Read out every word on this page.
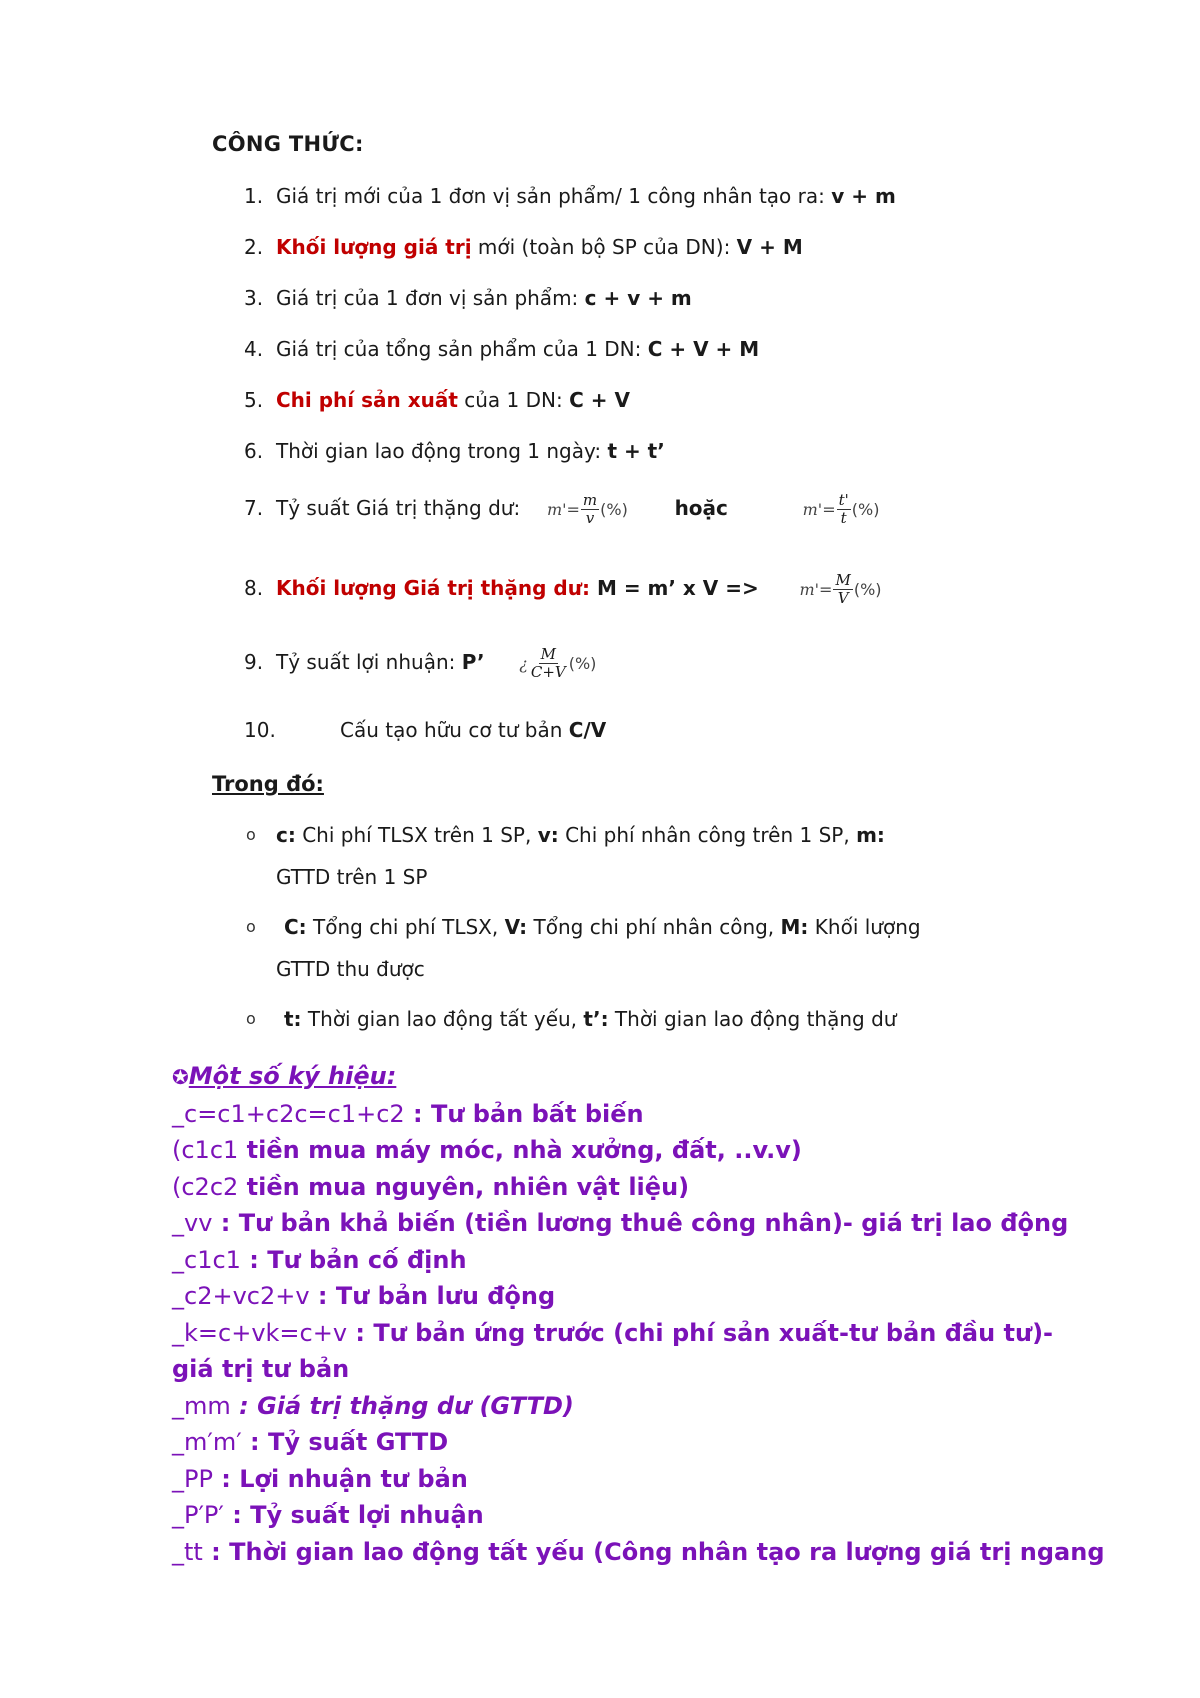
CÔNG THỨC:
1. Giá trị mới của 1 đơn vị sản phẩm/ 1 công nhân tạo ra: v + m
2. Khối lượng giá trị mới (toàn bộ SP của DN): V + M
3. Giá trị của 1 đơn vị sản phẩm: c + v + m
4. Giá trị của tổng sản phẩm của 1 DN: C + V + M
5. Chi phí sản xuất của 1 DN: C + V
6. Thời gian lao động trong 1 ngày: t + t’
7. Tỷ suất Giá trị thặng dư:  $m'= \frac{m}{v}$ (%) hoặc	$m'= \frac{t'}{t}$ (%)
8. Khối lượng Giá trị thặng dư: M = m’ x V =>	$m'= \frac{M}{V}$ (%)
9. Tỷ suất lợi nhuận: P’ ¿ $\frac{M}{C+V}$ (%)
10.	Cấu tạo hữu cơ tư bản C/V
Trong đó:
o c: Chi phí TLSX trên 1 SP, v: Chi phí nhân công trên 1 SP, m:
GTTD trên 1 SP
o C: Tổng chi phí TLSX, V: Tổng chi phí nhân công, M: Khối lượng
GTTD thu được
o t: Thời gian lao động tất yếu, t’: Thời gian lao động thặng dư
✪Một số ký hiệu:
_c=c1+c2c=c1+c2 : Tư bản bất biến
(c1c1 tiền mua máy móc, nhà xưởng, đất, ..v.v)
(c2c2 tiền mua nguyên, nhiên vật liệu)
_vv : Tư bản khả biến (tiền lương thuê công nhân)- giá trị lao động
_c1c1 : Tư bản cố định
_c2+vc2+v : Tư bản lưu động
_k=c+vk=c+v : Tư bản ứng trước (chi phí sản xuất-tư bản đầu tư)-
giá trị tư bản
_mm : Giá trị thặng dư (GTTD)
_m′m′ : Tỷ suất GTTD
_PP : Lợi nhuận tư bản
_P′P′ : Tỷ suất lợi nhuận
_tt : Thời gian lao động tất yếu (Công nhân tạo ra lượng giá trị ngang
